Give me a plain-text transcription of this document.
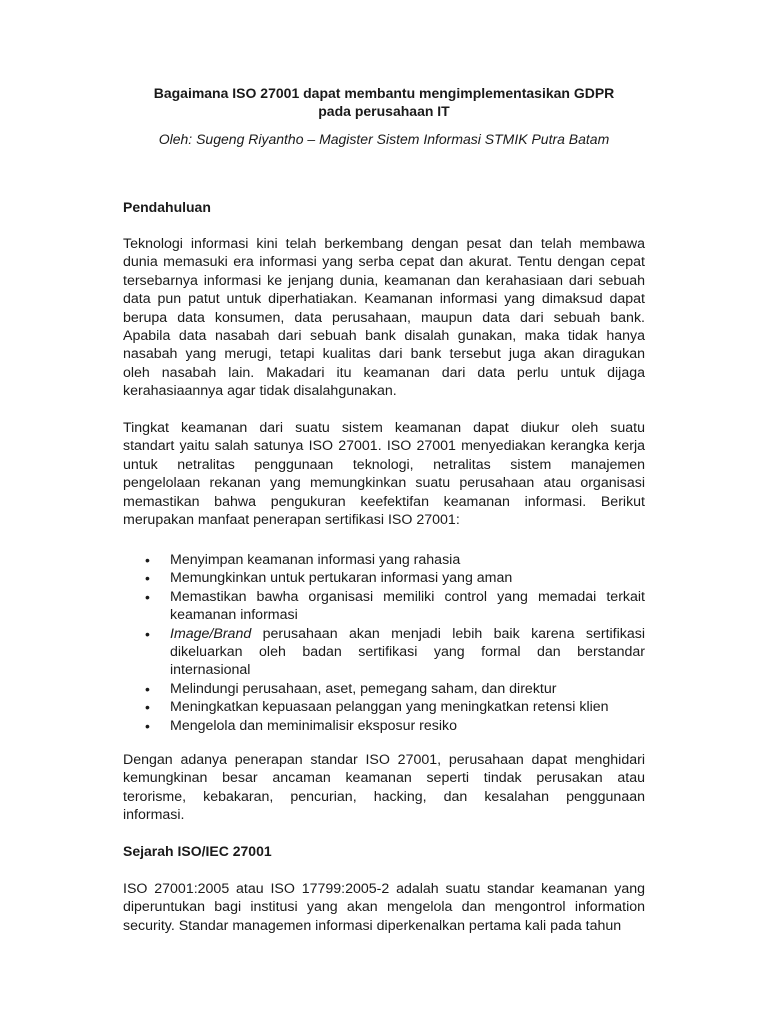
Bagaimana ISO 27001 dapat membantu mengimplementasikan GDPR
pada perusahaan IT
Oleh: Sugeng Riyantho – Magister Sistem Informasi STMIK Putra Batam
Pendahuluan
Sejarah ISO/IEC 27001
Teknologi informasi kini telah berkembang dengan pesat dan telah membawa
dunia memasuki era informasi yang serba cepat dan akurat. Tentu dengan cepat
tersebarnya informasi ke jenjang dunia, keamanan dan kerahasiaan dari sebuah
data pun patut untuk diperhatiakan. Keamanan informasi yang dimaksud dapat
berupa data konsumen, data perusahaan, maupun data dari sebuah bank.
Apabila data nasabah dari sebuah bank disalah gunakan, maka tidak hanya
nasabah yang merugi, tetapi kualitas dari bank tersebut juga akan diragukan
oleh nasabah lain. Makadari itu keamanan dari data perlu untuk dijaga
kerahasiaannya agar tidak disalahgunakan.
Tingkat keamanan dari suatu sistem keamanan dapat diukur oleh suatu
standart yaitu salah satunya ISO 27001. ISO 27001 menyediakan kerangka kerja
untuk netralitas penggunaan teknologi, netralitas sistem manajemen
pengelolaan rekanan yang memungkinkan suatu perusahaan atau organisasi
memastikan bahwa pengukuran keefektifan keamanan informasi. Berikut
merupakan manfaat penerapan sertifikasi ISO 27001:
Dengan adanya penerapan standar ISO 27001, perusahaan dapat menghidari
kemungkinan besar ancaman keamanan seperti tindak perusakan atau
terorisme, kebakaran, pencurian, hacking, dan kesalahan penggunaan
informasi.
ISO 27001:2005 atau ISO 17799:2005-2 adalah suatu standar keamanan yang
diperuntukan bagi institusi yang akan mengelola dan mengontrol information
security. Standar managemen informasi diperkenalkan pertama kali pada tahun
• Menyimpan keamanan informasi yang rahasia
• Memungkinkan untuk pertukaran informasi yang aman
• Memastikan bawha organisasi memiliki control yang memadai terkait
keamanan informasi
• Image/Brand perusahaan akan menjadi lebih baik karena sertifikasi
dikeluarkan oleh badan sertifikasi yang formal dan berstandar
internasional
• Melindungi perusahaan, aset, pemegang saham, dan direktur
• Meningkatkan kepuasaan pelanggan yang meningkatkan retensi klien
• Mengelola dan meminimalisir eksposur resiko
